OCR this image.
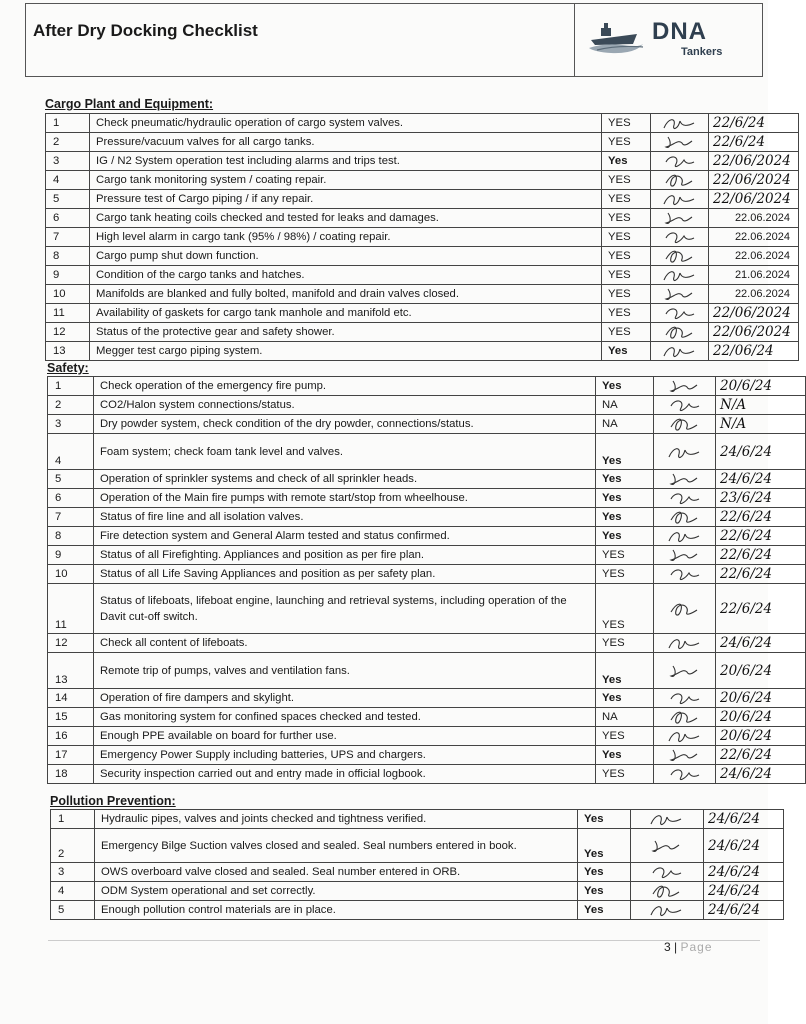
After Dry Docking Checklist	DNA
Tankers
Cargo Plant and Equipment:
1	Check pneumatic/hydraulic operation of cargo system valves.	YES		22/6/24
2	Pressure/vacuum valves for all cargo tanks.	YES		22/6/24
3	IG / N2 System operation test including alarms and trips test.	Yes		22/06/2024
4	Cargo tank monitoring system / coating repair.	YES		22/06/2024
5	Pressure test of Cargo piping / if any repair.	YES		22/06/2024
6	Cargo tank heating coils checked and tested for leaks and damages.	YES		22.06.2024

7	High level alarm in cargo tank (95% / 98%) / coating repair.	YES		22.06.2024

8	Cargo pump shut down function.	YES		22.06.2024

9	Condition of the cargo tanks and hatches.	YES		21.06.2024

10	Manifolds are blanked and fully bolted, manifold and drain valves closed.	YES		22.06.2024

11	Availability of gaskets for cargo tank manhole and manifold etc.	YES		22/06/2024
12	Status of the protective gear and safety shower.	YES		22/06/2024
13	Megger test cargo piping system.	Yes		22/06/24
Safety:
1	Check operation of the emergency fire pump.	Yes		20/6/24
2	CO2/Halon system connections/status.	NA		N/A
3	Dry powder system, check condition of the dry powder, connections/status.	NA		N/A
4	Foam system; check foam tank level and valves.	Yes		24/6/24
5	Operation of sprinkler systems and check of all sprinkler heads.	Yes		24/6/24
6	Operation of the Main fire pumps with remote start/stop from wheelhouse.	Yes		23/6/24
7	Status of fire line and all isolation valves.	Yes		22/6/24
8	Fire detection system and General Alarm tested and status confirmed.	Yes		22/6/24
9	Status of all Firefighting. Appliances and position as per fire plan.	YES		22/6/24
10	Status of all Life Saving Appliances and position as per safety plan.	YES		22/6/24
11	Status of lifeboats, lifeboat engine, launching and retrieval systems, including operation of the Davit cut-off switch.	YES		22/6/24
12	Check all content of lifeboats.	YES		24/6/24
13	Remote trip of pumps, valves and ventilation fans.	Yes		20/6/24
14	Operation of fire dampers and skylight.	Yes		20/6/24
15	Gas monitoring system for confined spaces checked and tested.	NA		20/6/24
16	Enough PPE available on board for further use.	YES		20/6/24
17	Emergency Power Supply including batteries, UPS and chargers.	Yes		22/6/24
18	Security inspection carried out and entry made in official logbook.	YES		24/6/24
Pollution Prevention:
1	Hydraulic pipes, valves and joints checked and tightness verified.	Yes		24/6/24
2	Emergency Bilge Suction valves closed and sealed. Seal numbers entered in book.	Yes		24/6/24
3	OWS overboard valve closed and sealed. Seal number entered in ORB.	Yes		24/6/24
4	ODM System operational and set correctly.	Yes		24/6/24
5	Enough pollution control materials are in place.	Yes		24/6/24
3 | Page
